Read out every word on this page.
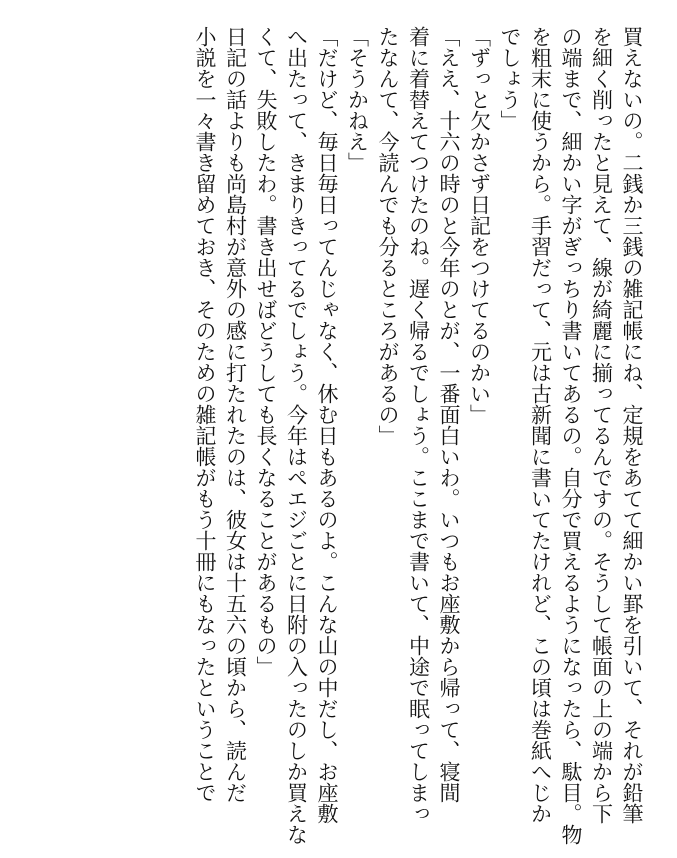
買えないの。二銭か三銭の雑記帳にね、定規をあてて細かい罫を引いて、それが鉛筆
を細く削ったと見えて、線が綺麗に揃ってるんですの。そうして帳面の上の端から下
の端まで、細かい字がぎっちり書いてあるの。自分で買えるようになったら、駄目。物
を粗末に使うから。手習だって、元は古新聞に書いてたけれど、この頃は巻紙へじか
でしょう」
「ずっと欠かさず日記をつけてるのかい」
「ええ、十六の時のと今年のとが、一番面白いわ。いつもお座敷から帰って、寝間
着に着替えてつけたのね。遅く帰るでしょう。ここまで書いて、中途で眠ってしまっ
たなんて、今読んでも分るところがあるの」
「そうかねえ」
「だけど、毎日毎日ってんじゃなく、休む日もあるのよ。こんな山の中だし、お座敷
へ出たって、きまりきってるでしょう。今年はペエジごとに日附の入ったのしか買えな
くて、失敗したわ。書き出せばどうしても長くなることがあるもの」
日記の話よりも尚島村が意外の感に打たれたのは、彼女は十五六の頃から、読んだ
小説を一々書き留めておき、そのための雑記帳がもう十冊にもなったということで
